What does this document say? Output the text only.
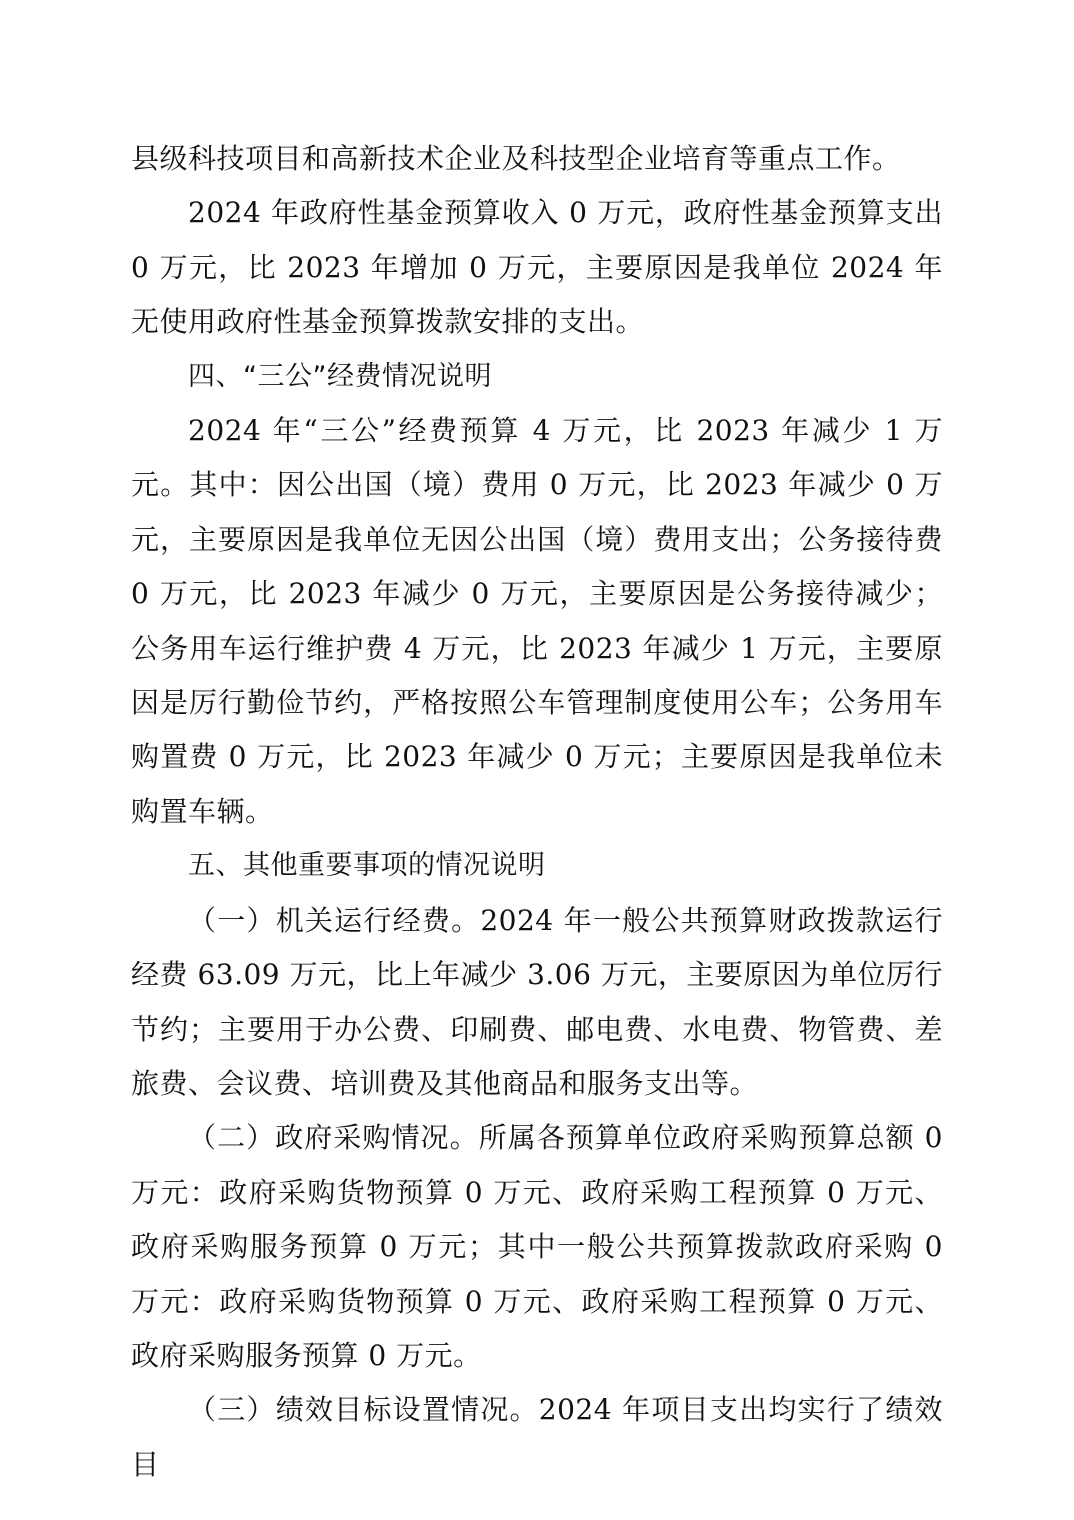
县级科技项目和高新技术企业及科技型企业培育等重点工作。

2024 年政府性基金预算收入 0 万元，政府性基金预算支出 0 万元，比 2023 年增加 0 万元，主要原因是我单位 2024 年无使用政府性基金预算拨款安排的支出。

四、“三公”经费情况说明

2024 年“三公”经费预算 4 万元，比 2023 年减少 1 万元。其中：因公出国（境）费用 0 万元，比 2023 年减少 0 万元，主要原因是我单位无因公出国（境）费用支出；公务接待费 0 万元，比 2023 年减少 0 万元，主要原因是公务接待减少；公务用车运行维护费 4 万元，比 2023 年减少 1 万元，主要原因是厉行勤俭节约，严格按照公车管理制度使用公车；公务用车购置费 0 万元，比 2023 年减少 0 万元；主要原因是我单位未购置车辆。

五、其他重要事项的情况说明

（一）机关运行经费。2024 年一般公共预算财政拨款运行经费 63.09 万元，比上年减少 3.06 万元，主要原因为单位厉行节约；主要用于办公费、印刷费、邮电费、水电费、物管费、差旅费、会议费、培训费及其他商品和服务支出等。

（二）政府采购情况。所属各预算单位政府采购预算总额 0 万元：政府采购货物预算 0 万元、政府采购工程预算 0 万元、政府采购服务预算 0 万元；其中一般公共预算拨款政府采购 0 万元：政府采购货物预算 0 万元、政府采购工程预算 0 万元、政府采购服务预算 0 万元。

（三）绩效目标设置情况。2024 年项目支出均实行了绩效目
